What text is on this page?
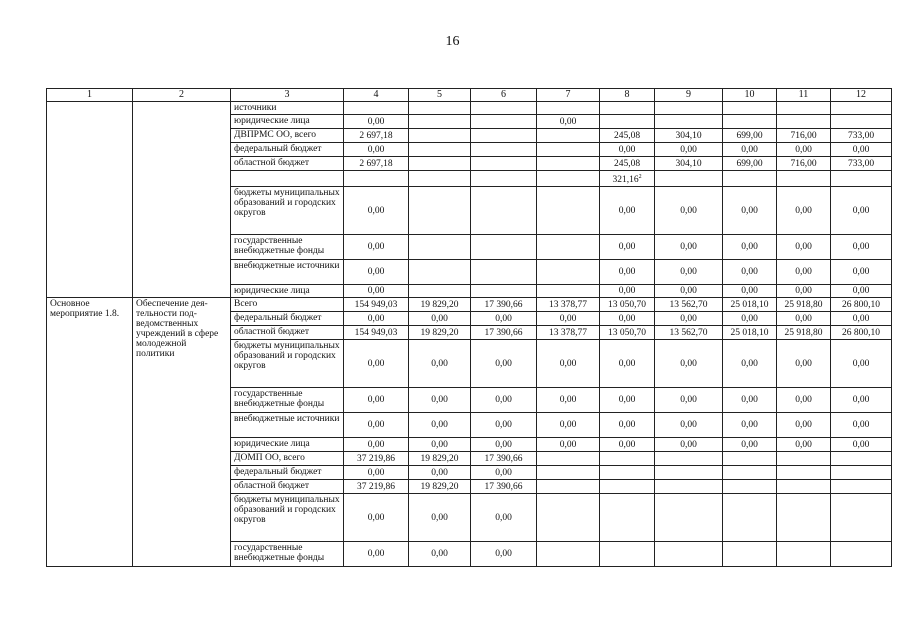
16
1	2	3	4	5	6	7	8	9	10	11	12
		источники									
		юридические лица	0,00			0,00					
		ДВПРМС ОО, всего	2 697,18				245,08	304,10	699,00	716,00	733,00
		федеральный бюджет	0,00				0,00	0,00	0,00	0,00	0,00
		областной бюджет	2 697,18				245,08	304,10	699,00	716,00	733,00
							321,16$^2$				
		бюджеты муниципальных образований и городских округов	0,00				0,00	0,00	0,00	0,00	0,00
		государственные внебюджетные фонды	0,00				0,00	0,00	0,00	0,00	0,00
		внебюджетные источники	0,00				0,00	0,00	0,00	0,00	0,00
		юридические лица	0,00				0,00	0,00	0,00	0,00	0,00
Основное мероприятие 1.8.	Обеспечение дея-тельности под-ведомственных учреждений в сфере молодежной политики	Всего	154 949,03	19 829,20	17 390,66	13 378,77	13 050,70	13 562,70	25 018,10	25 918,80	26 800,10
		федеральный бюджет	0,00	0,00	0,00	0,00	0,00	0,00	0,00	0,00	0,00
		областной бюджет	154 949,03	19 829,20	17 390,66	13 378,77	13 050,70	13 562,70	25 018,10	25 918,80	26 800,10
		бюджеты муниципальных образований и городских округов	0,00	0,00	0,00	0,00	0,00	0,00	0,00	0,00	0,00
		государственные внебюджетные фонды	0,00	0,00	0,00	0,00	0,00	0,00	0,00	0,00	0,00
		внебюджетные источники	0,00	0,00	0,00	0,00	0,00	0,00	0,00	0,00	0,00
		юридические лица	0,00	0,00	0,00	0,00	0,00	0,00	0,00	0,00	0,00
		ДОМП ОО, всего	37 219,86	19 829,20	17 390,66						
		федеральный бюджет	0,00	0,00	0,00						
		областной бюджет	37 219,86	19 829,20	17 390,66						
		бюджеты муниципальных образований и городских округов	0,00	0,00	0,00						
		государственные внебюджетные фонды	0,00	0,00	0,00						
